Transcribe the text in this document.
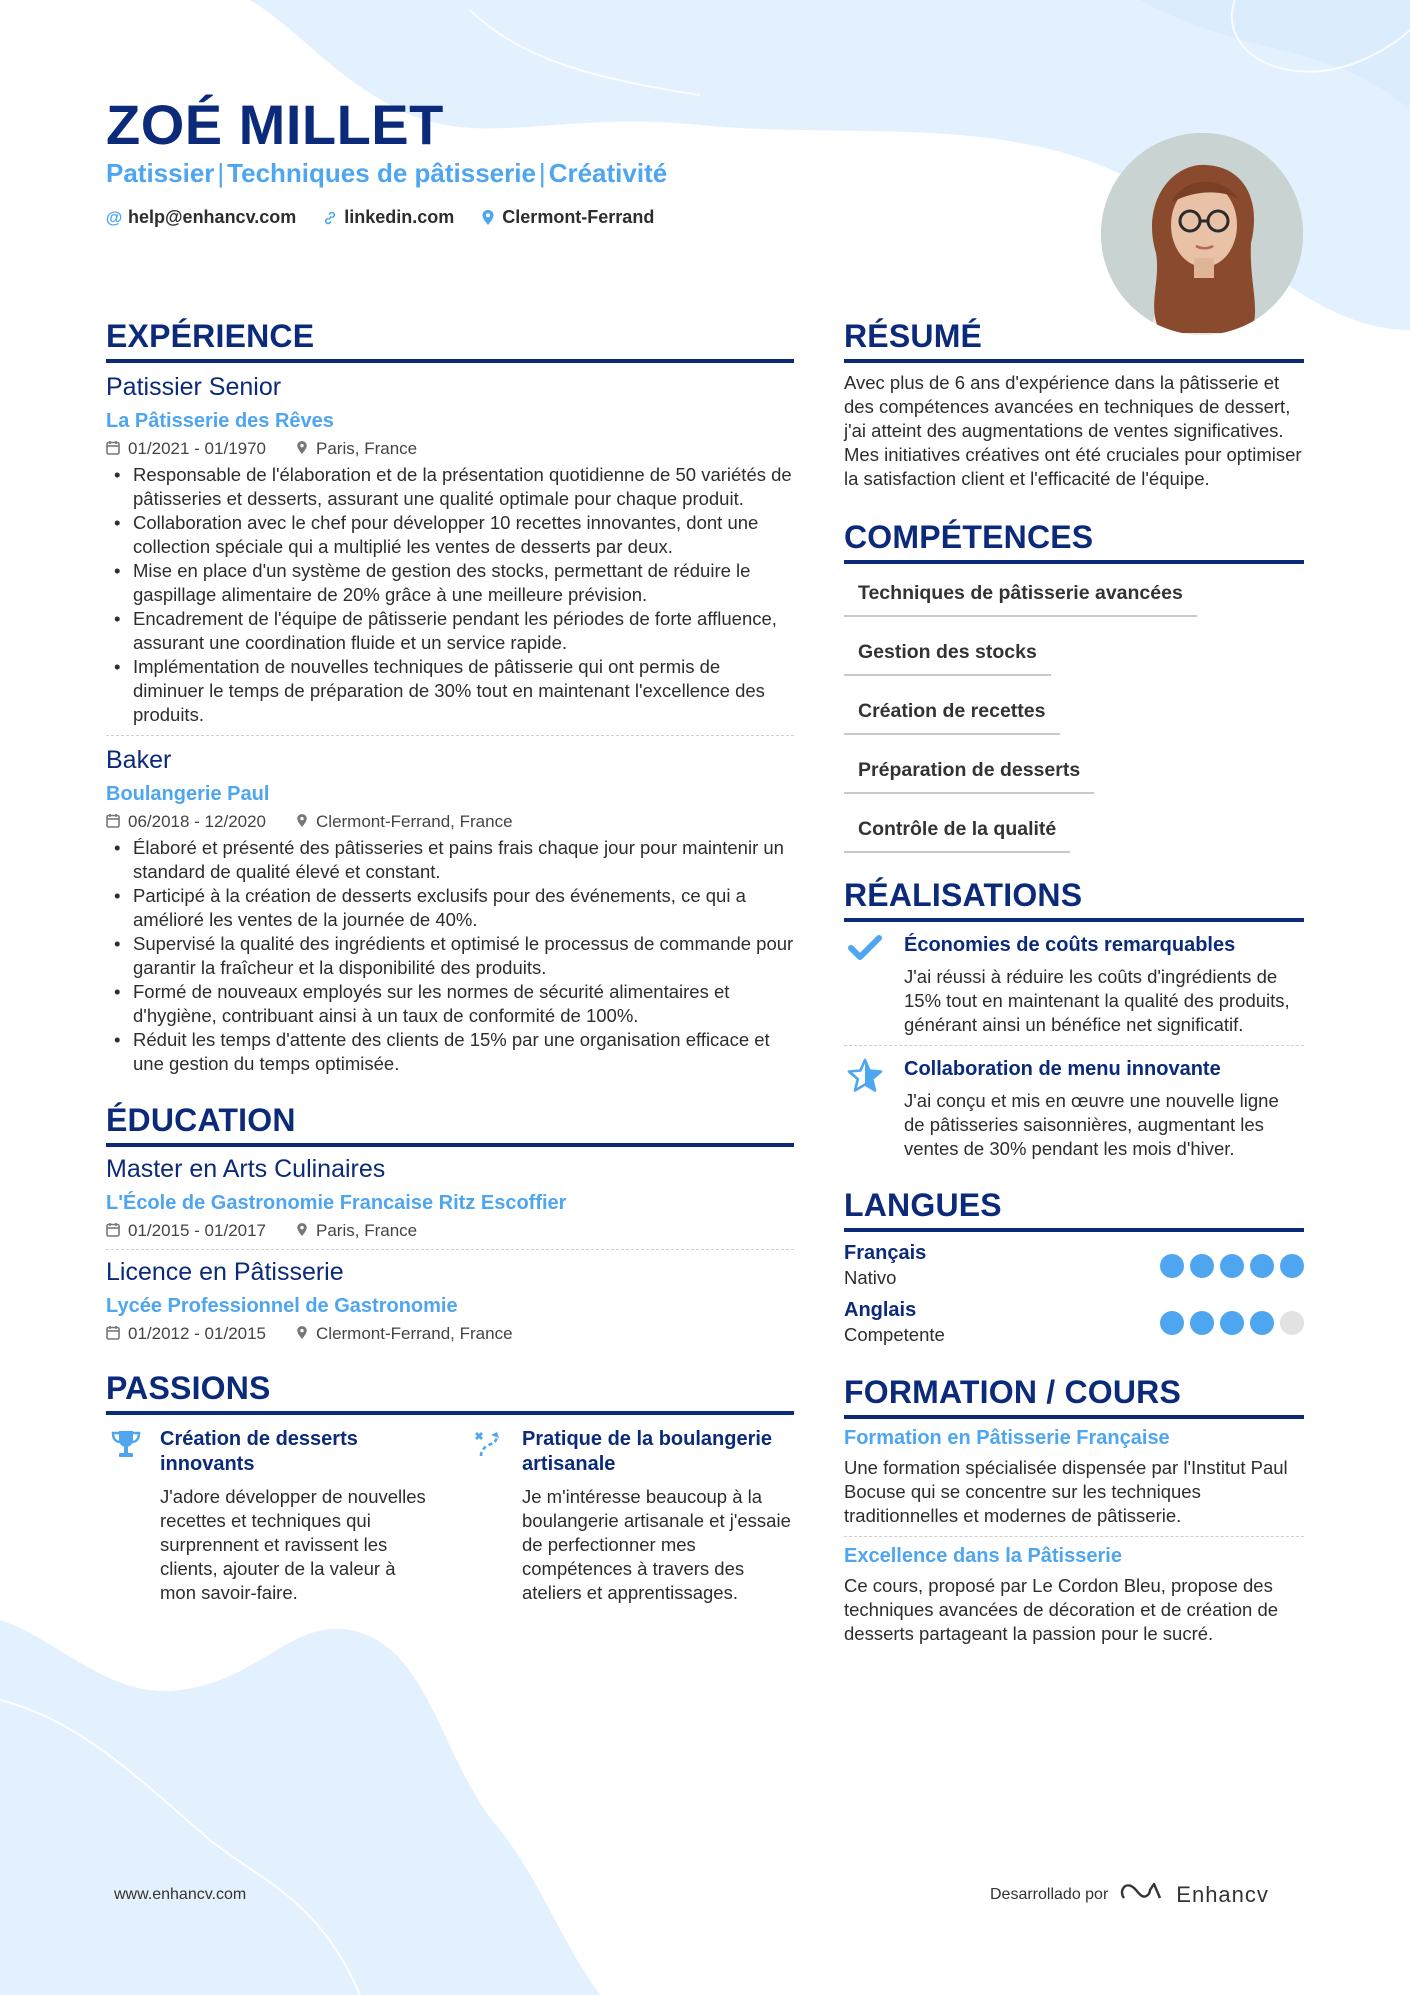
ZOÉ MILLET
Patissier | Techniques de pâtisserie | Créativité
@ help@enhancv.com	linkedin.com	Clermont-Ferrand
EXPÉRIENCE
Patissier Senior
La Pâtisserie des Rêves
01/2021 - 01/1970	Paris, France
• Responsable de l'élaboration et de la présentation quotidienne de 50 variétés de pâtisseries et desserts, assurant une qualité optimale pour chaque produit.
• Collaboration avec le chef pour développer 10 recettes innovantes, dont une collection spéciale qui a multiplié les ventes de desserts par deux.
• Mise en place d'un système de gestion des stocks, permettant de réduire le gaspillage alimentaire de 20% grâce à une meilleure prévision.
• Encadrement de l'équipe de pâtisserie pendant les périodes de forte affluence, assurant une coordination fluide et un service rapide.
• Implémentation de nouvelles techniques de pâtisserie qui ont permis de diminuer le temps de préparation de 30% tout en maintenant l'excellence des produits.
Baker
Boulangerie Paul
06/2018 - 12/2020	Clermont-Ferrand, France
• Élaboré et présenté des pâtisseries et pains frais chaque jour pour maintenir un standard de qualité élevé et constant.
• Participé à la création de desserts exclusifs pour des événements, ce qui a amélioré les ventes de la journée de 40%.
• Supervisé la qualité des ingrédients et optimisé le processus de commande pour garantir la fraîcheur et la disponibilité des produits.
• Formé de nouveaux employés sur les normes de sécurité alimentaires et d'hygiène, contribuant ainsi à un taux de conformité de 100%.
• Réduit les temps d'attente des clients de 15% par une organisation efficace et une gestion du temps optimisée.
ÉDUCATION
Master en Arts Culinaires
L'École de Gastronomie Francaise Ritz Escoffier
01/2015 - 01/2017	Paris, France
Licence en Pâtisserie
Lycée Professionnel de Gastronomie
01/2012 - 01/2015	Clermont-Ferrand, France
PASSIONS
Création de desserts innovants
J'adore développer de nouvelles recettes et techniques qui surprennent et ravissent les clients, ajouter de la valeur à mon savoir-faire.
Pratique de la boulangerie artisanale
Je m'intéresse beaucoup à la boulangerie artisanale et j'essaie de perfectionner mes compétences à travers des ateliers et apprentissages.
RÉSUMÉ
Avec plus de 6 ans d'expérience dans la pâtisserie et des compétences avancées en techniques de dessert, j'ai atteint des augmentations de ventes significatives. Mes initiatives créatives ont été cruciales pour optimiser la satisfaction client et l'efficacité de l'équipe.
COMPÉTENCES
Techniques de pâtisserie avancées Gestion des stocks Création de recettes Préparation de desserts Contrôle de la qualité
RÉALISATIONS
Économies de coûts remarquables
J'ai réussi à réduire les coûts d'ingrédients de 15% tout en maintenant la qualité des produits, générant ainsi un bénéfice net significatif.
Collaboration de menu innovante
J'ai conçu et mis en œuvre une nouvelle ligne de pâtisseries saisonnières, augmentant les ventes de 30% pendant les mois d'hiver.
LANGUES
Français
Nativo
Anglais
Competente
FORMATION / COURS
Formation en Pâtisserie Française
Une formation spécialisée dispensée par l'Institut Paul Bocuse qui se concentre sur les techniques traditionnelles et modernes de pâtisserie.
Excellence dans la Pâtisserie
Ce cours, proposé par Le Cordon Bleu, propose des techniques avancées de décoration et de création de desserts partageant la passion pour le sucré.
www.enhancv.com	Desarrollado por	Enhancv
